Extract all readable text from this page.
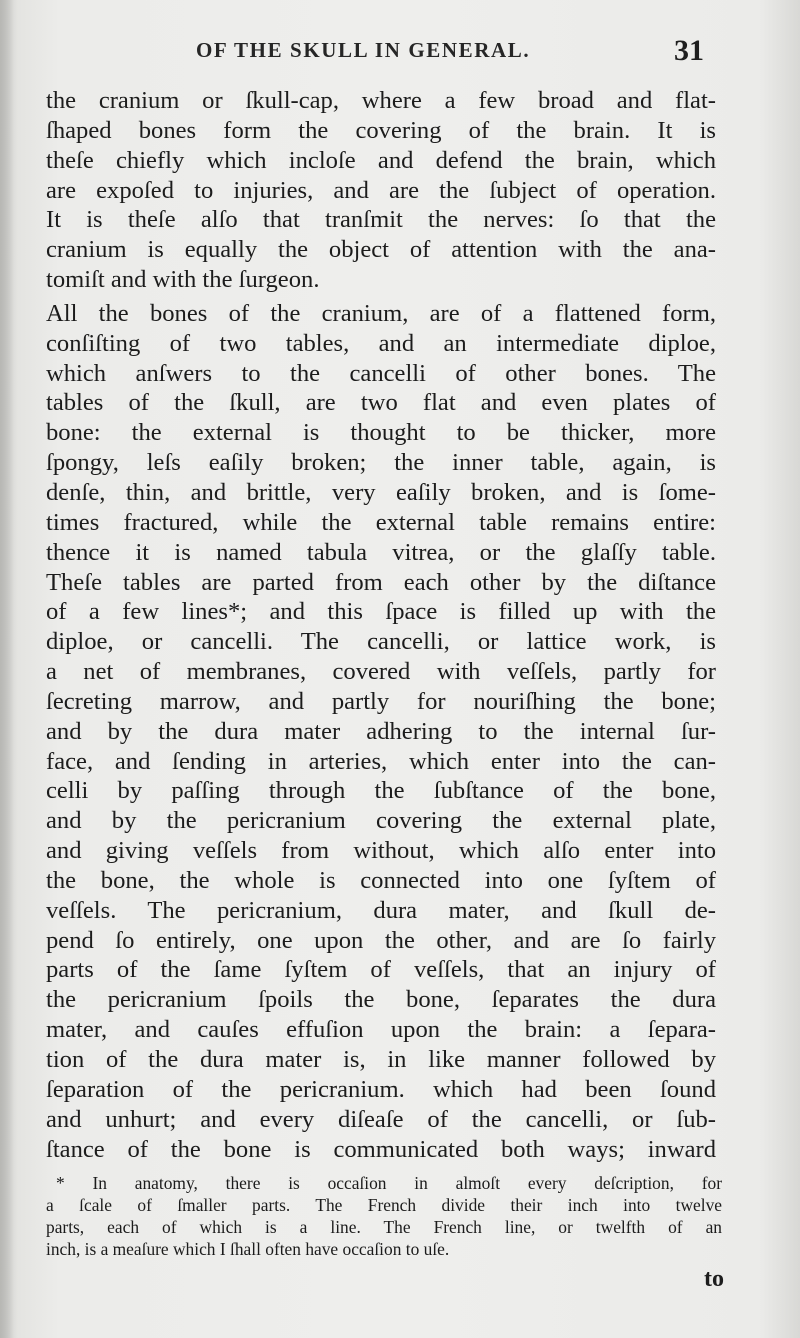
OF THE SKULL IN GENERAL.	31
the cranium or ſkull-cap, where a few broad and flat-
ſhaped bones form the covering of the brain. It is
theſe chiefly which incloſe and defend the brain, which
are expoſed to injuries, and are the ſubject of operation.
It is theſe alſo that tranſmit the nerves: ſo that the
cranium is equally the object of attention with the ana-
tomiſt and with the ſurgeon.
All the bones of the cranium, are of a flattened form,
conſiſting of two tables, and an intermediate diploe,
which anſwers to the cancelli of other bones. The
tables of the ſkull, are two flat and even plates of
bone: the external is thought to be thicker, more
ſpongy, leſs eaſily broken; the inner table, again, is
denſe, thin, and brittle, very eaſily broken, and is ſome-
times fractured, while the external table remains entire:
thence it is named tabula vitrea, or the glaſſy table.
Theſe tables are parted from each other by the diſtance
of a few lines*; and this ſpace is filled up with the
diploe, or cancelli. The cancelli, or lattice work, is
a net of membranes, covered with veſſels, partly for
ſecreting marrow, and partly for nouriſhing the bone;
and by the dura mater adhering to the internal ſur-
face, and ſending in arteries, which enter into the can-
celli by paſſing through the ſubſtance of the bone,
and by the pericranium covering the external plate,
and giving veſſels from without, which alſo enter into
the bone, the whole is connected into one ſyſtem of
veſſels. The pericranium, dura mater, and ſkull de-
pend ſo entirely, one upon the other, and are ſo fairly
parts of the ſame ſyſtem of veſſels, that an injury of
the pericranium ſpoils the bone, ſeparates the dura
mater, and cauſes effuſion upon the brain: a ſepara-
tion of the dura mater is, in like manner followed by
ſeparation of the pericranium. which had been ſound
and unhurt; and every diſeaſe of the cancelli, or ſub-
ſtance of the bone is communicated both ways; inward
* In anatomy, there is occaſion in almoſt every deſcription, for
a ſcale of ſmaller parts. The French divide their inch into twelve
parts, each of which is a line. The French line, or twelfth of an
inch, is a meaſure which I ſhall often have occaſion to uſe.
to
